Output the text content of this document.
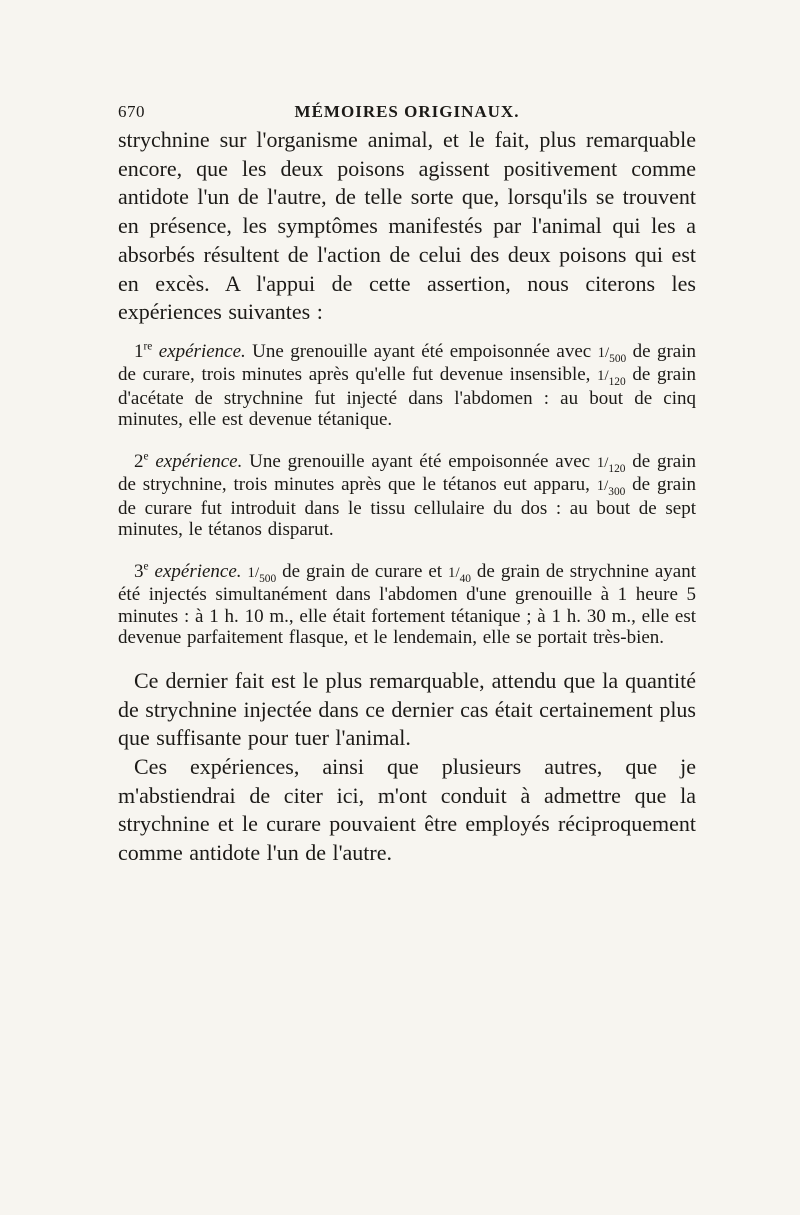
670	MÉMOIRES ORIGINAUX.

strychnine sur l'organisme animal, et le fait, plus remarquable encore, que les deux poisons agissent positivement comme antidote l'un de l'autre, de telle sorte que, lorsqu'ils se trouvent en présence, les symptômes manifestés par l'animal qui les a absorbés résultent de l'action de celui des deux poisons qui est en excès. A l'appui de cette assertion, nous citerons les expériences suivantes :

1re expérience. Une grenouille ayant été empoisonnée avec $1/_{500}$ de grain de curare, trois minutes après qu'elle fut devenue insensible, $1/_{120}$ de grain d'acétate de strychnine fut injecté dans l'abdomen : au bout de cinq minutes, elle est devenue tétanique.

2e expérience. Une grenouille ayant été empoisonnée avec $1/_{120}$ de grain de strychnine, trois minutes après que le tétanos eut apparu, $1/_{300}$ de grain de curare fut introduit dans le tissu cellulaire du dos : au bout de sept minutes, le tétanos disparut.

3e expérience. $1/_{500}$ de grain de curare et $1/_{40}$ de grain de strychnine ayant été injectés simultanément dans l'abdomen d'une grenouille à 1 heure 5 minutes : à 1 h. 10 m., elle était fortement tétanique ; à 1 h. 30 m., elle est devenue parfaitement flasque, et le lendemain, elle se portait très-bien.

Ce dernier fait est le plus remarquable, attendu que la quantité de strychnine injectée dans ce dernier cas était certainement plus que suffisante pour tuer l'animal.

Ces expériences, ainsi que plusieurs autres, que je m'abstiendrai de citer ici, m'ont conduit à admettre que la strychnine et le curare pouvaient être employés réciproquement comme antidote l'un de l'autre.
